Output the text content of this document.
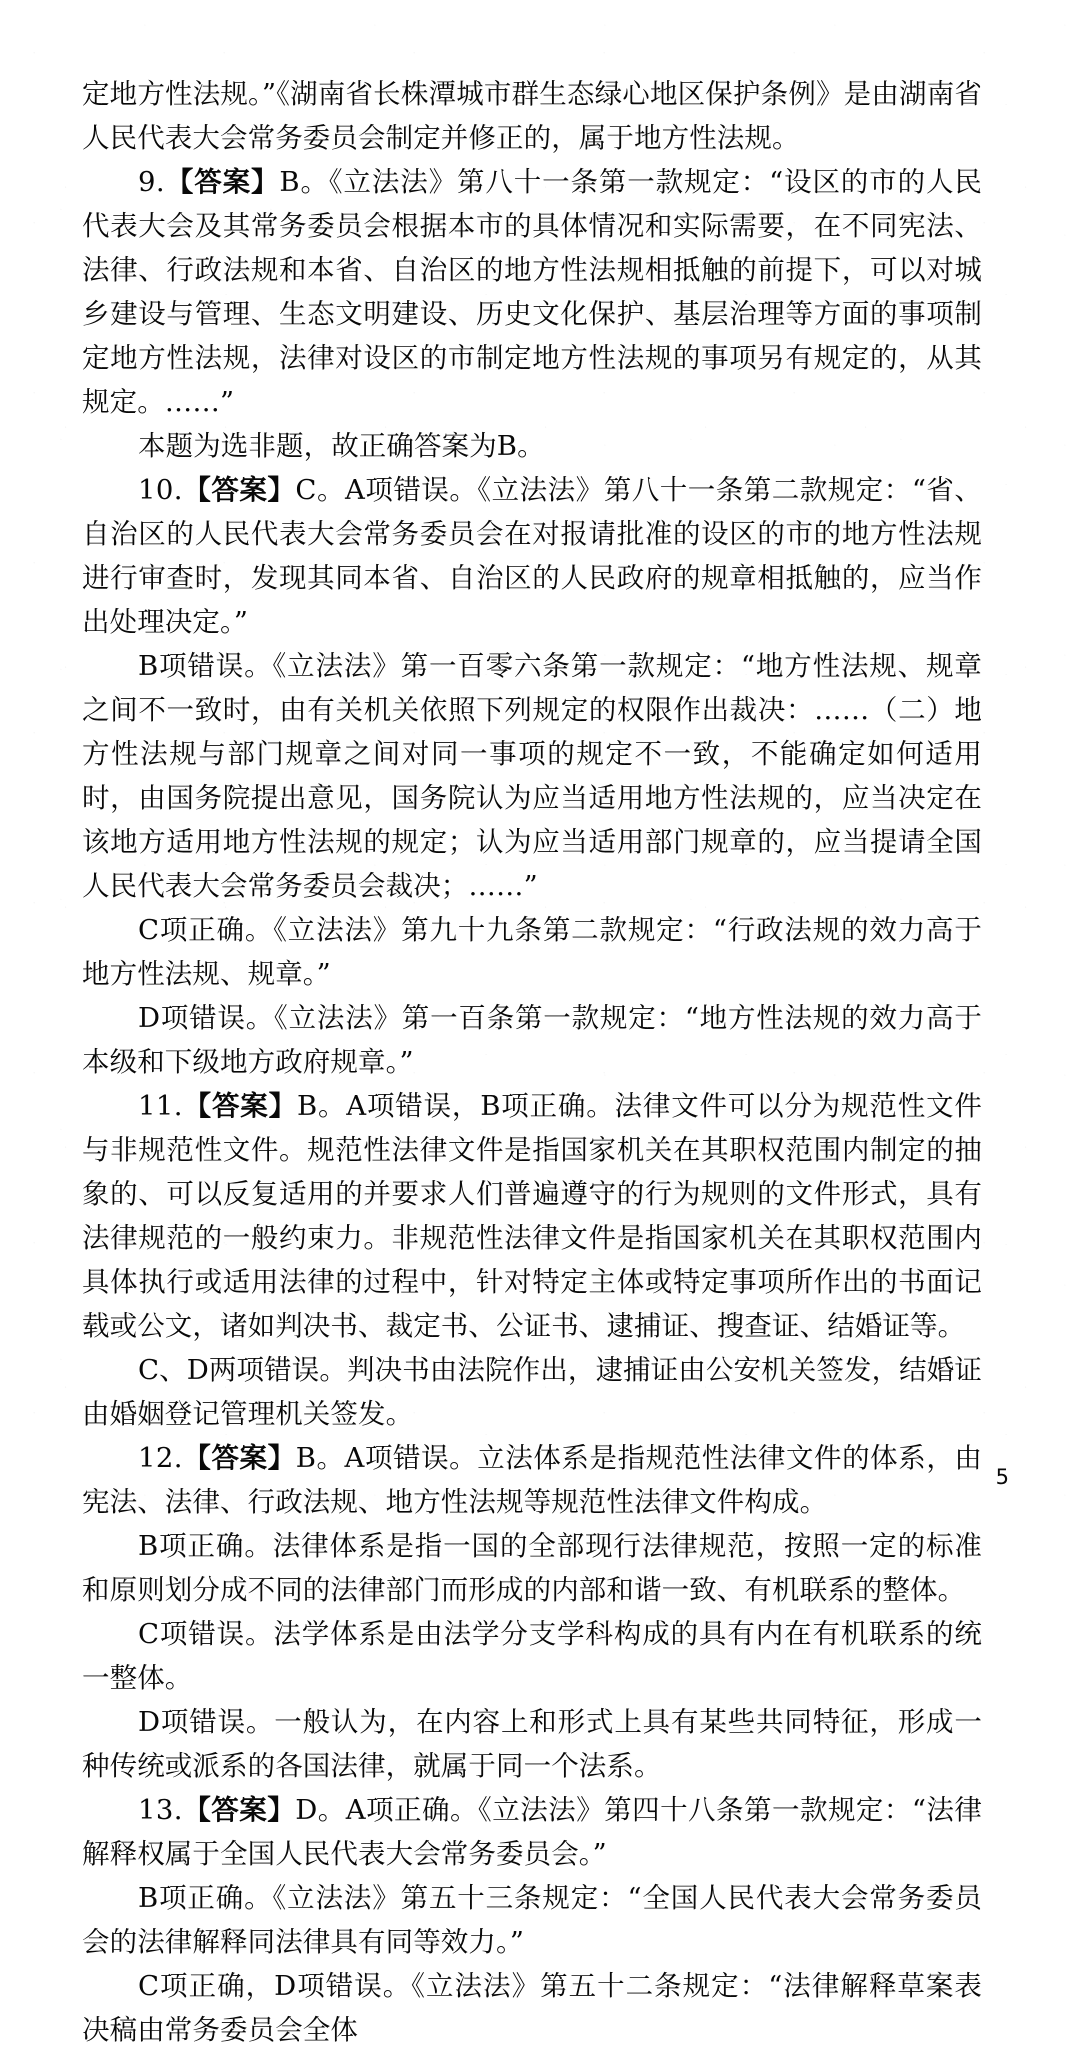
定地方性法规。”《湖南省长株潭城市群生态绿心地区保护条例》是由湖南省人民代表大会常务委员会制定并修正的，属于地方性法规。

9.【答案】B。《立法法》第八十一条第一款规定：“设区的市的人民代表大会及其常务委员会根据本市的具体情况和实际需要，在不同宪法、法律、行政法规和本省、自治区的地方性法规相抵触的前提下，可以对城乡建设与管理、生态文明建设、历史文化保护、基层治理等方面的事项制定地方性法规，法律对设区的市制定地方性法规的事项另有规定的，从其规定。……”

本题为选非题，故正确答案为B。

10.【答案】C。A项错误。《立法法》第八十一条第二款规定：“省、自治区的人民代表大会常务委员会在对报请批准的设区的市的地方性法规进行审查时，发现其同本省、自治区的人民政府的规章相抵触的，应当作出处理决定。”

B项错误。《立法法》第一百零六条第一款规定：“地方性法规、规章之间不一致时，由有关机关依照下列规定的权限作出裁决：……（二）地方性法规与部门规章之间对同一事项的规定不一致，不能确定如何适用时，由国务院提出意见，国务院认为应当适用地方性法规的，应当决定在该地方适用地方性法规的规定；认为应当适用部门规章的，应当提请全国人民代表大会常务委员会裁决；……”

C项正确。《立法法》第九十九条第二款规定：“行政法规的效力高于地方性法规、规章。”

D项错误。《立法法》第一百条第一款规定：“地方性法规的效力高于本级和下级地方政府规章。”

11.【答案】B。A项错误，B项正确。法律文件可以分为规范性文件与非规范性文件。规范性法律文件是指国家机关在其职权范围内制定的抽象的、可以反复适用的并要求人们普遍遵守的行为规则的文件形式，具有法律规范的一般约束力。非规范性法律文件是指国家机关在其职权范围内具体执行或适用法律的过程中，针对特定主体或特定事项所作出的书面记载或公文，诸如判决书、裁定书、公证书、逮捕证、搜查证、结婚证等。

C、D两项错误。判决书由法院作出，逮捕证由公安机关签发，结婚证由婚姻登记管理机关签发。

12.【答案】B。A项错误。立法体系是指规范性法律文件的体系，由宪法、法律、行政法规、地方性法规等规范性法律文件构成。

B项正确。法律体系是指一国的全部现行法律规范，按照一定的标准和原则划分成不同的法律部门而形成的内部和谐一致、有机联系的整体。

C项错误。法学体系是由法学分支学科构成的具有内在有机联系的统一整体。

D项错误。一般认为，在内容上和形式上具有某些共同特征，形成一种传统或派系的各国法律，就属于同一个法系。

13.【答案】D。A项正确。《立法法》第四十八条第一款规定：“法律解释权属于全国人民代表大会常务委员会。”

B项正确。《立法法》第五十三条规定：“全国人民代表大会常务委员会的法律解释同法律具有同等效力。”

C项正确，D项错误。《立法法》第五十二条规定：“法律解释草案表决稿由常务委员会全体

5
